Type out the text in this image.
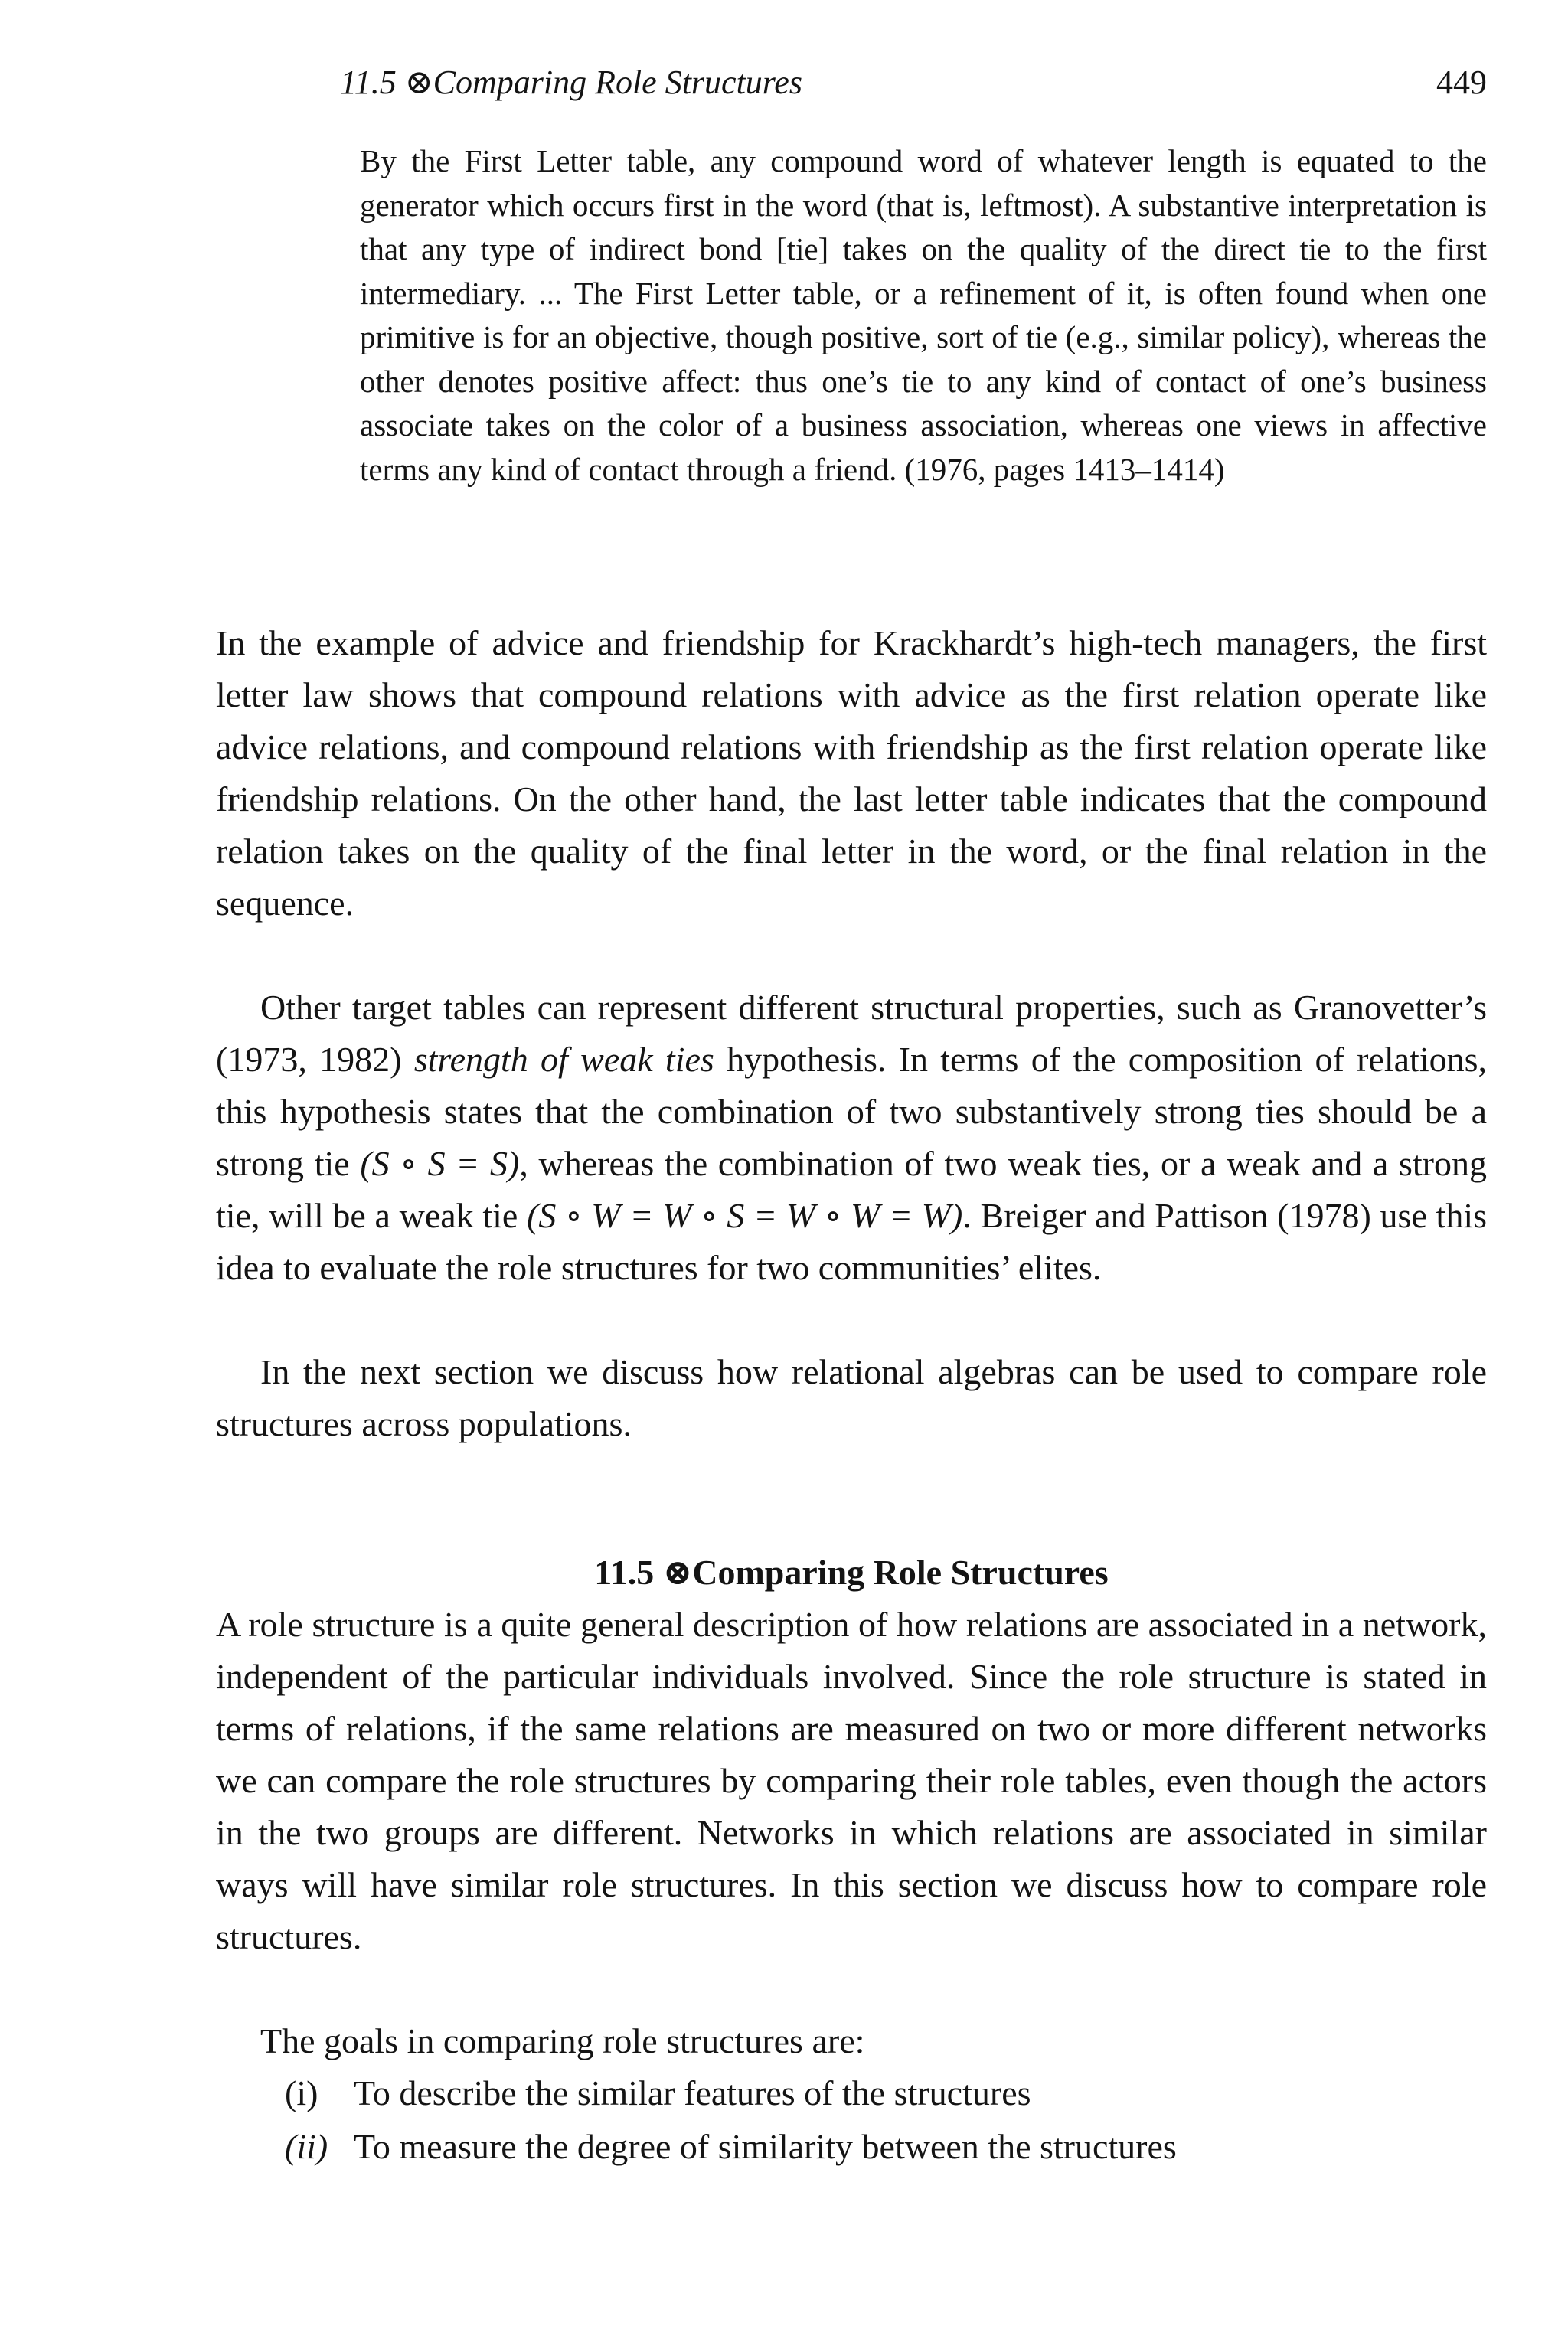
11.5 ⊗Comparing Role Structures	449

By the First Letter table, any compound word of whatever length is equated to the generator which occurs first in the word (that is, leftmost). A substantive interpretation is that any type of indirect bond [tie] takes on the quality of the direct tie to the first intermediary. ... The First Letter table, or a refinement of it, is often found when one primitive is for an objective, though positive, sort of tie (e.g., similar policy), whereas the other denotes positive affect: thus one’s tie to any kind of contact of one’s business associate takes on the color of a business association, whereas one views in affective terms any kind of contact through a friend. (1976, pages 1413–1414)

In the example of advice and friendship for Krackhardt’s high-tech managers, the first letter law shows that compound relations with advice as the first relation operate like advice relations, and compound relations with friendship as the first relation operate like friendship relations. On the other hand, the last letter table indicates that the compound relation takes on the quality of the final letter in the word, or the final relation in the sequence.

Other target tables can represent different structural properties, such as Granovetter’s (1973, 1982) strength of weak ties hypothesis. In terms of the composition of relations, this hypothesis states that the combination of two substantively strong ties should be a strong tie (S ∘ S = S), whereas the combination of two weak ties, or a weak and a strong tie, will be a weak tie (S ∘ W = W ∘ S = W ∘ W = W). Breiger and Pattison (1978) use this idea to evaluate the role structures for two communities’ elites.

In the next section we discuss how relational algebras can be used to compare role structures across populations.

11.5 ⊗Comparing Role Structures

A role structure is a quite general description of how relations are associated in a network, independent of the particular individuals involved. Since the role structure is stated in terms of relations, if the same relations are measured on two or more different networks we can compare the role structures by comparing their role tables, even though the actors in the two groups are different. Networks in which relations are associated in similar ways will have similar role structures. In this section we discuss how to compare role structures.

The goals in comparing role structures are:

(i) To describe the similar features of the structures
(ii) To measure the degree of similarity between the structures
